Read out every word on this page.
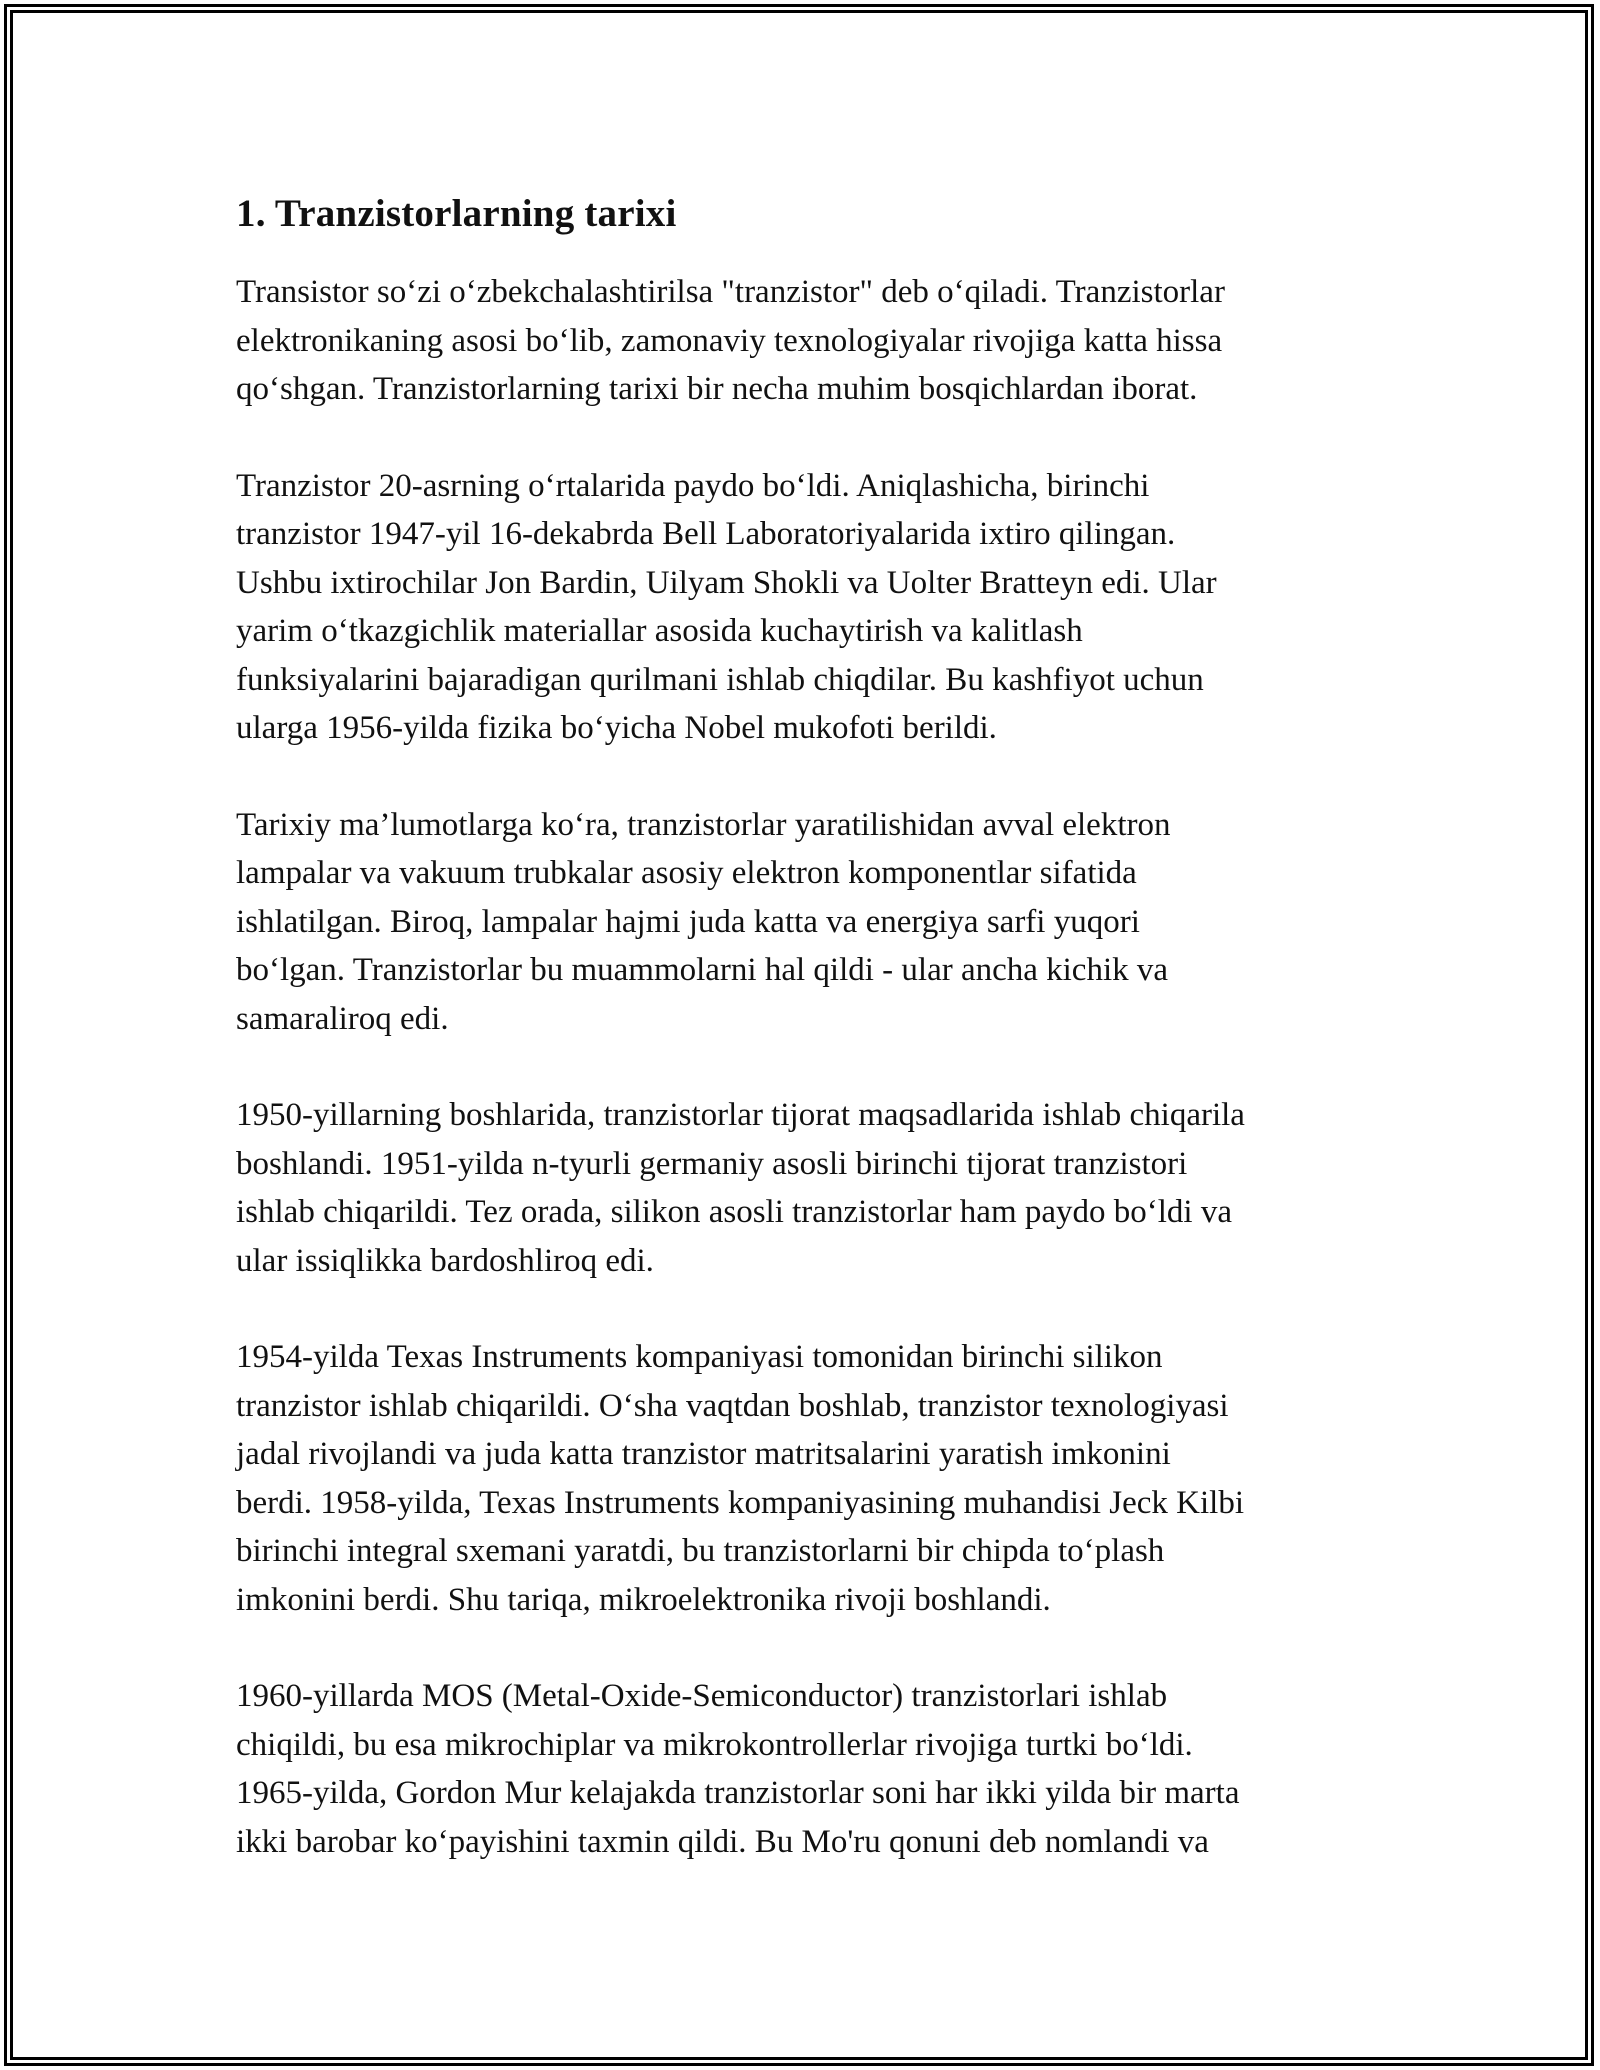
1. Tranzistorlarning tarixi

Transistor so‘zi o‘zbekchalashtirilsa "tranzistor" deb o‘qiladi. Tranzistorlar
elektronikaning asosi bo‘lib, zamonaviy texnologiyalar rivojiga katta hissa
qo‘shgan. Tranzistorlarning tarixi bir necha muhim bosqichlardan iborat.

Tranzistor 20-asrning o‘rtalarida paydo bo‘ldi. Aniqlashicha, birinchi
tranzistor 1947-yil 16-dekabrda Bell Laboratoriyalarida ixtiro qilingan.
Ushbu ixtirochilar Jon Bardin, Uilyam Shokli va Uolter Bratteyn edi. Ular
yarim o‘tkazgichlik materiallar asosida kuchaytirish va kalitlash
funksiyalarini bajaradigan qurilmani ishlab chiqdilar. Bu kashfiyot uchun
ularga 1956-yilda fizika bo‘yicha Nobel mukofoti berildi.

Tarixiy ma’lumotlarga ko‘ra, tranzistorlar yaratilishidan avval elektron
lampalar va vakuum trubkalar asosiy elektron komponentlar sifatida
ishlatilgan. Biroq, lampalar hajmi juda katta va energiya sarfi yuqori
bo‘lgan. Tranzistorlar bu muammolarni hal qildi - ular ancha kichik va
samaraliroq edi.

1950-yillarning boshlarida, tranzistorlar tijorat maqsadlarida ishlab chiqarila
boshlandi. 1951-yilda n-tyurli germaniy asosli birinchi tijorat tranzistori
ishlab chiqarildi. Tez orada, silikon asosli tranzistorlar ham paydo bo‘ldi va
ular issiqlikka bardoshliroq edi.

1954-yilda Texas Instruments kompaniyasi tomonidan birinchi silikon
tranzistor ishlab chiqarildi. O‘sha vaqtdan boshlab, tranzistor texnologiyasi
jadal rivojlandi va juda katta tranzistor matritsalarini yaratish imkonini
berdi. 1958-yilda, Texas Instruments kompaniyasining muhandisi Jeck Kilbi
birinchi integral sxemani yaratdi, bu tranzistorlarni bir chipda to‘plash
imkonini berdi. Shu tariqa, mikroelektronika rivoji boshlandi.

1960-yillarda MOS (Metal-Oxide-Semiconductor) tranzistorlari ishlab
chiqildi, bu esa mikrochiplar va mikrokontrollerlar rivojiga turtki bo‘ldi.
1965-yilda, Gordon Mur kelajakda tranzistorlar soni har ikki yilda bir marta
ikki barobar ko‘payishini taxmin qildi. Bu Mo'ru qonuni deb nomlandi va
